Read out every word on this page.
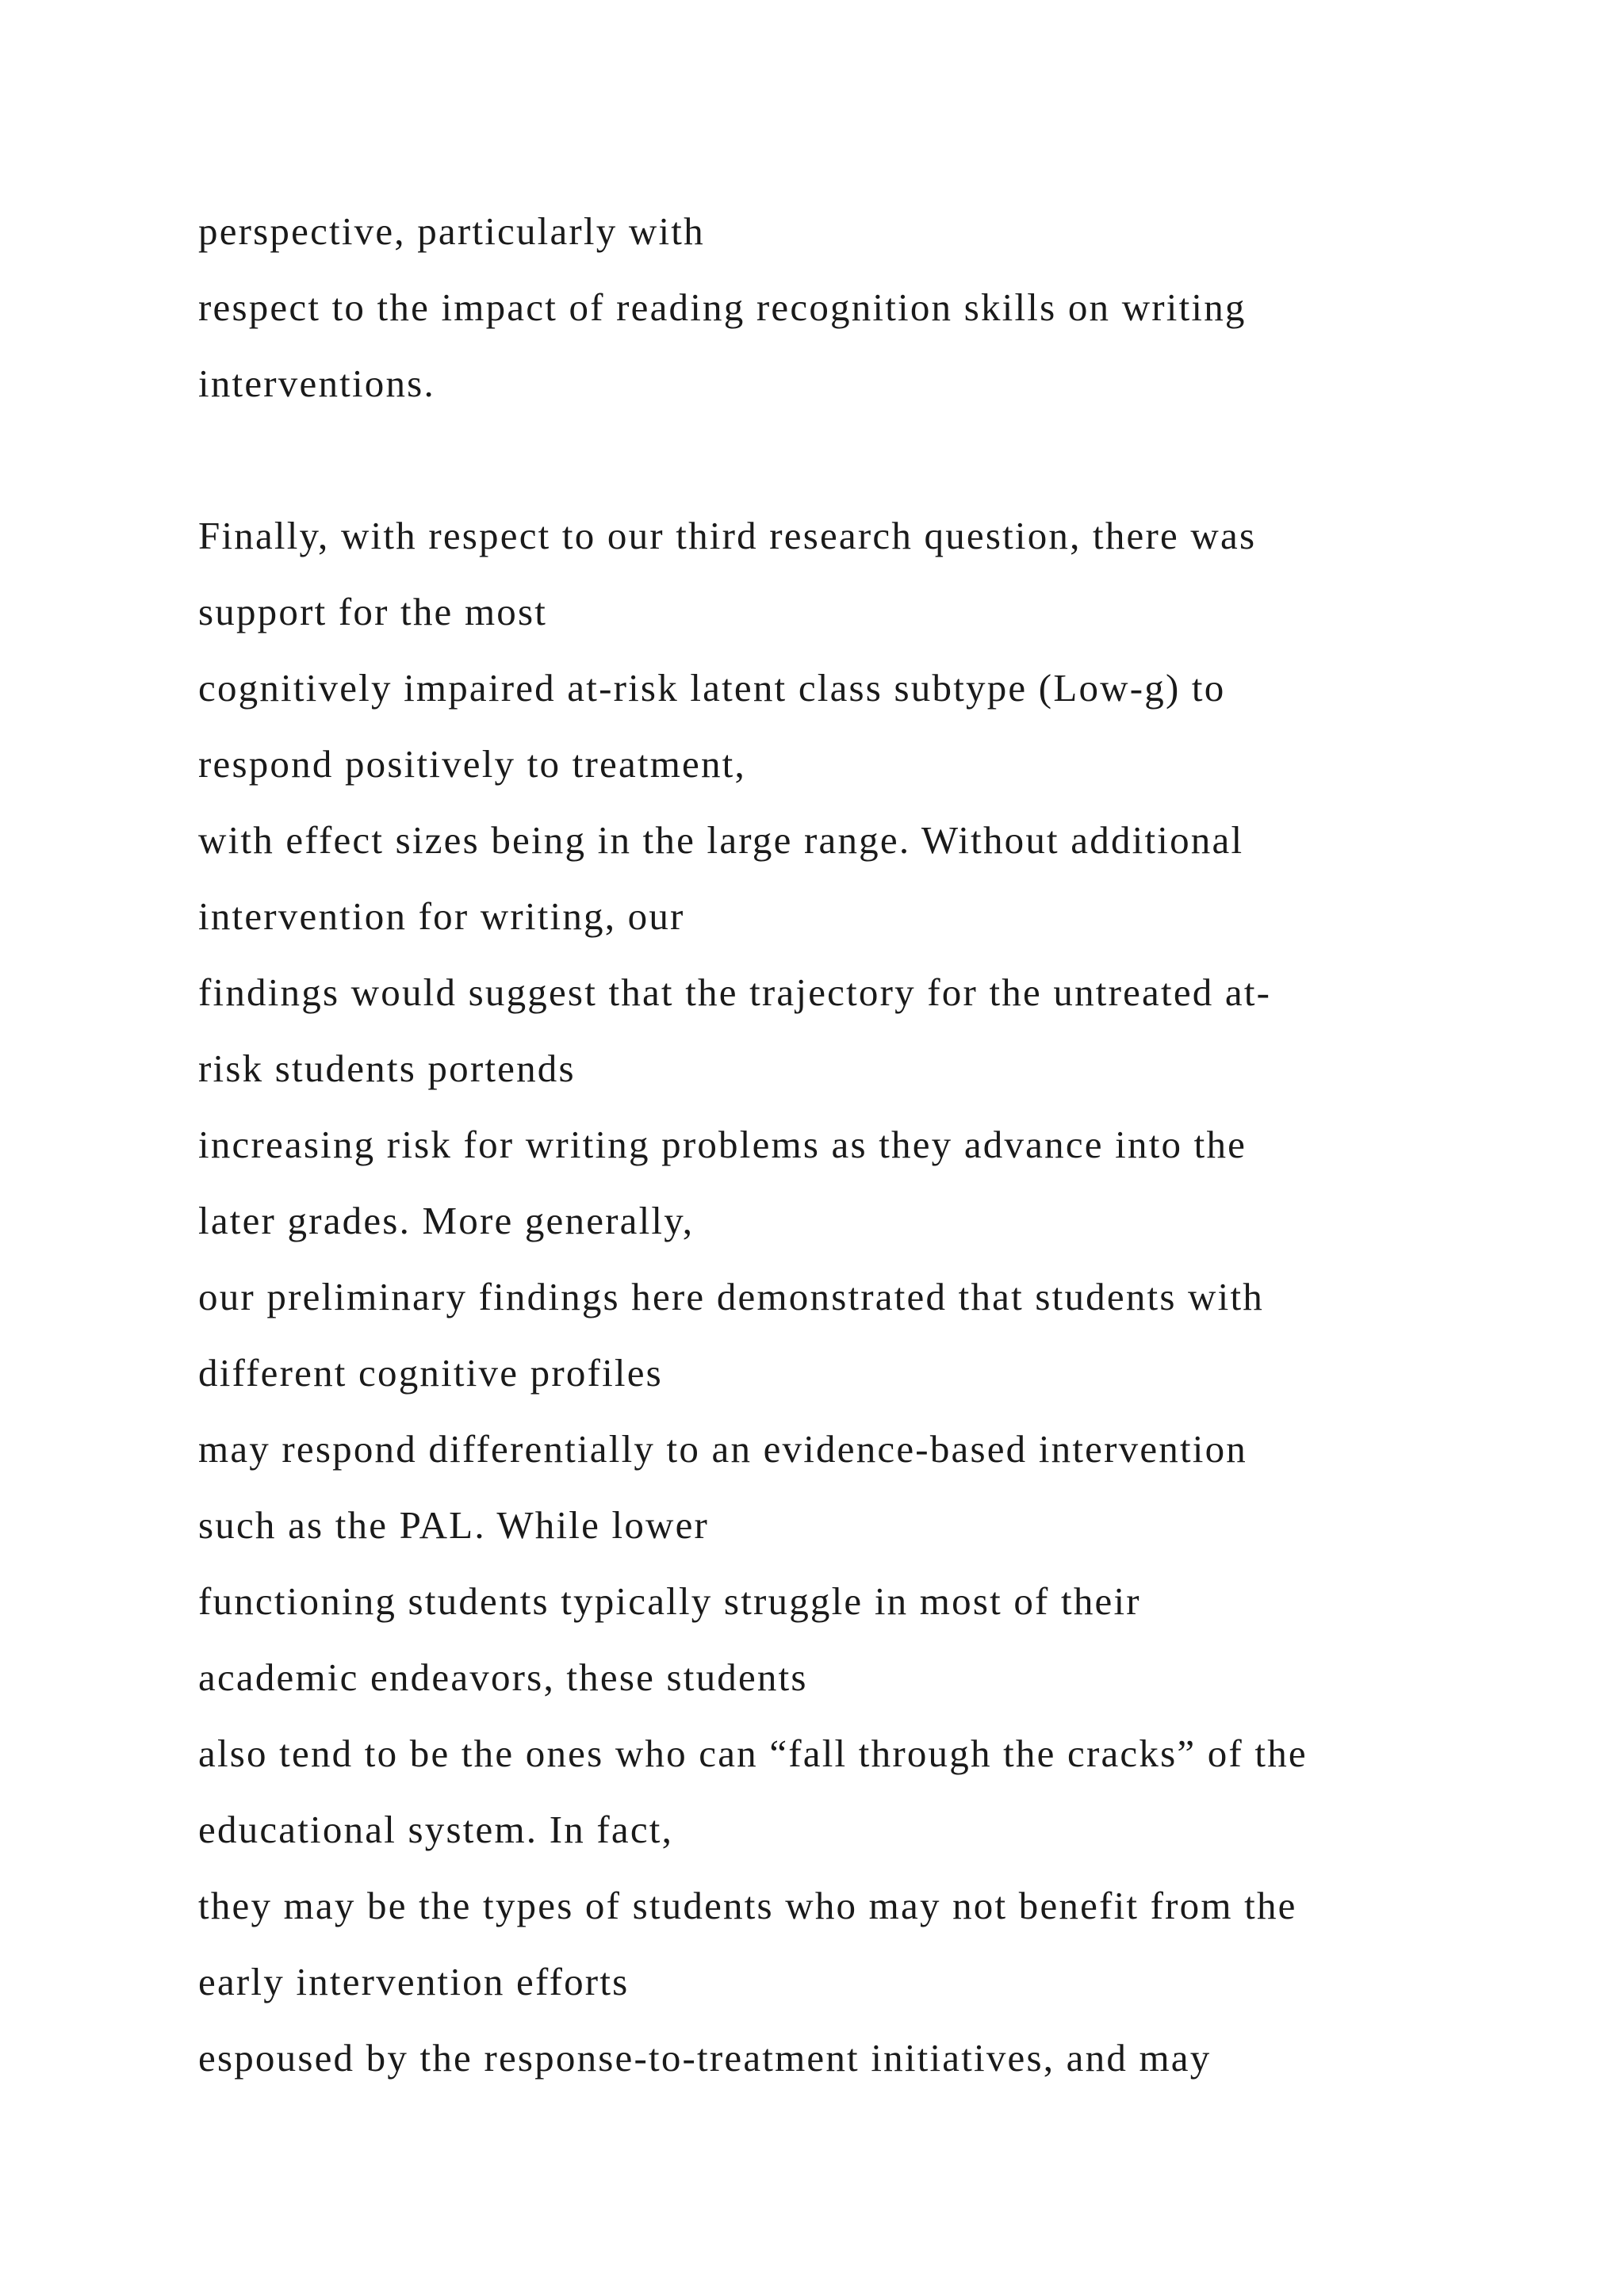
perspective, particularly with
respect to the impact of reading recognition skills on writing
interventions.
Finally, with respect to our third research question, there was
support for the most
cognitively impaired at-risk latent class subtype (Low-g) to
respond positively to treatment,
with effect sizes being in the large range. Without additional
intervention for writing, our
findings would suggest that the trajectory for the untreated at-
risk students portends
increasing risk for writing problems as they advance into the
later grades. More generally,
our preliminary findings here demonstrated that students with
different cognitive profiles
may respond differentially to an evidence-based intervention
such as the PAL. While lower
functioning students typically struggle in most of their
academic endeavors, these students
also tend to be the ones who can “fall through the cracks” of the
educational system. In fact,
they may be the types of students who may not benefit from the
early intervention efforts
espoused by the response-to-treatment initiatives, and may
